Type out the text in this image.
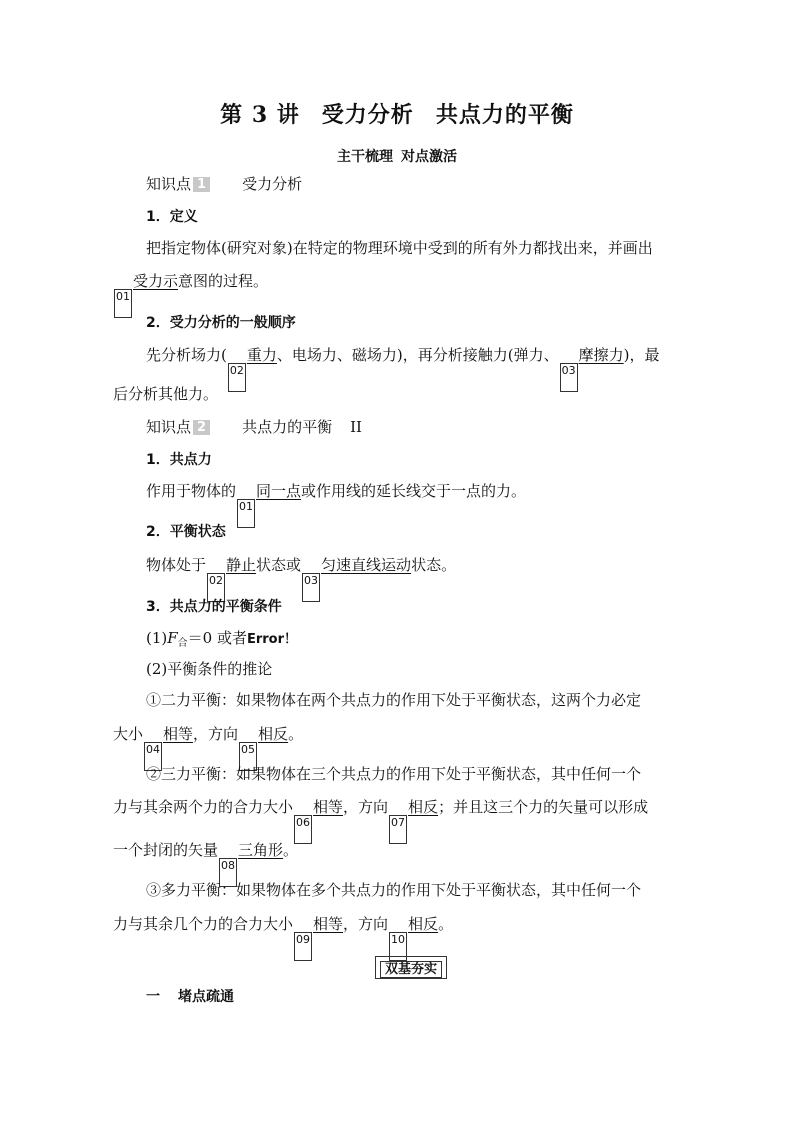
第 3 讲 受力分析 共点力的平衡
主干梳理 对点激活
知识点 1 受力分析
1．定义
把指定物体(研究对象)在特定的物理环境中受到的所有外力都找出来，并画出
01受力示意图的过程。
2．受力分析的一般顺序
先分析场力(02重力、电场力、磁场力)，再分析接触力(弹力、03摩擦力)，最
后分析其他力。
知识点 2 共点力的平衡 II
1．共点力
作用于物体的01同一点或作用线的延长线交于一点的力。
2．平衡状态
物体处于02静止状态或03匀速直线运动状态。
3．共点力的平衡条件
$(1)F_合=0$ 或者Error！
(2)平衡条件的推论
①二力平衡：如果物体在两个共点力的作用下处于平衡状态，这两个力必定
大小04相等，方向05相反。
②三力平衡：如果物体在三个共点力的作用下处于平衡状态，其中任何一个
力与其余两个力的合力大小06相等，方向07相反；并且这三个力的矢量可以形成
一个封闭的矢量08三角形。
③多力平衡：如果物体在多个共点力的作用下处于平衡状态，其中任何一个
力与其余几个力的合力大小09相等，方向10相反。
双基夯实
一 堵点疏通
